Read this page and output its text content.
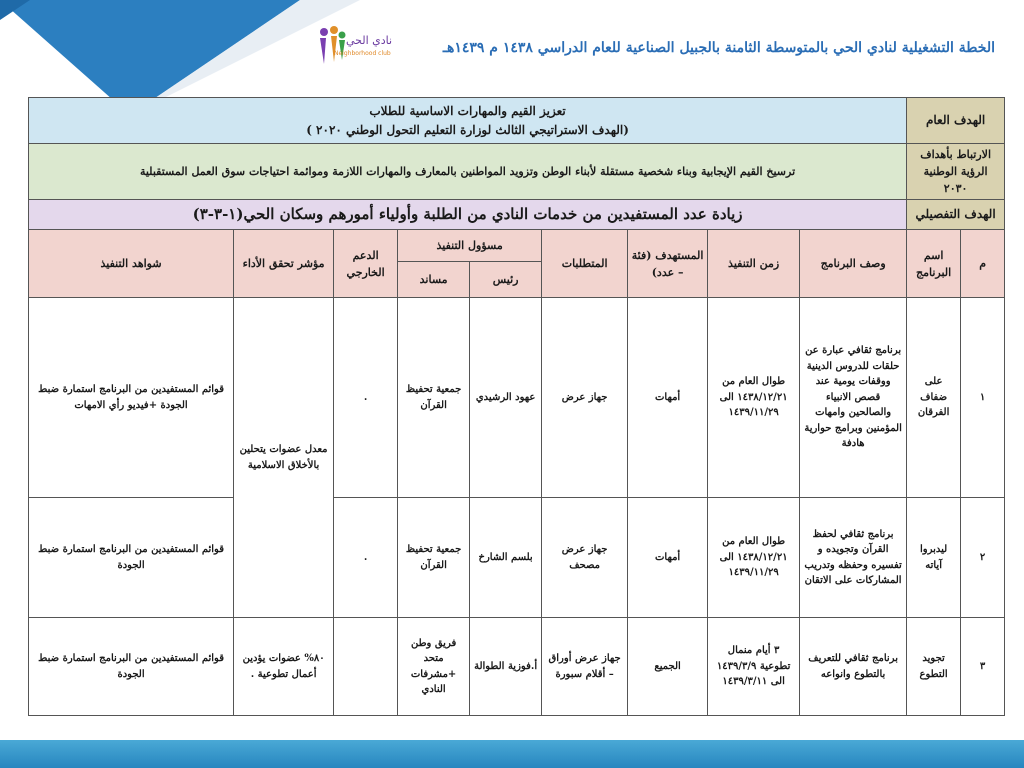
نادي الحي
Neighborhood club	الخطة التشغيلية لنادي الحي بالمتوسطة الثامنة بالجبيل الصناعية للعام الدراسي ١٤٣٨ م ١٤٣٩هـ
الهدف العام		تعزيز القيم والمهارات الاساسية للطلاب
(الهدف الاستراتيجي الثالث لوزارة التعليم التحول الوطني ٢٠٢٠ )								

الارتباط بأهداف الرؤية الوطنية ٢٠٣٠		ترسيخ القيم الإيجابية وبناء شخصية مستقلة لأبناء الوطن وتزويد المواطنين بالمعارف والمهارات اللازمة وموائمة احتياجات سوق العمل المستقبلية								
الهدف التفصيلي		زيادة عدد المستفيدين من خدمات النادي من الطلبة وأولياء أمورهم وسكان الحي(١-٣-٣)								
م	اسم البرنامج	وصف البرنامج	زمن التنفيذ	المستهدف (فئة – عدد)	المتطلبات	مسؤول التنفيذ		الدعم الخارجي	مؤشر تحقق الأداء	شواهد التنفيذ
						رئيس	مساند			
١	على ضفاف الفرقان	برنامج ثقافي عبارة عن حلقات للدروس الدينية ووقفات يومية عند قصص الانبياء والصالحين وامهات المؤمنين وبرامج حوارية هادفة	طوال العام من ١٤٣٨/١٢/٢١ الى ١٤٣٩/١١/٢٩	أمهات	جهاز عرض	عهود الرشيدي	جمعية تحفيظ القرآن	.	معدل عضوات يتحلين بالأخلاق الاسلامية	قوائم المستفيدين من البرنامج استمارة ضبط الجودة +فيديو رأي الامهات
٢	ليدبروا آياته	برنامج ثقافي لحفظ القرآن وتجويده و تفسيره وحفظه وتدريب المشاركات على الاتقان	طوال العام من ١٤٣٨/١٢/٢١ الى ١٤٣٩/١١/٢٩	أمهات	جهاز عرض مصحف	بلسم الشارخ	جمعية تحفيظ القرآن	.		قوائم المستفيدين من البرنامج استمارة ضبط الجودة
٣	تجويد التطوع	برنامج ثقافي للتعريف بالتطوع وانواعه	٣ أيام منمال تطوعية ١٤٣٩/٣/٩ الى ١٤٣٩/٣/١١	الجميع	جهاز عرض أوراق – أقلام سبورة	أ.فوزية الطوالة	فريق وطن متحد +مشرفات النادي		٨٠% عضوات يؤدين أعمال تطوعية .	قوائم المستفيدين من البرنامج استمارة ضبط الجودة
